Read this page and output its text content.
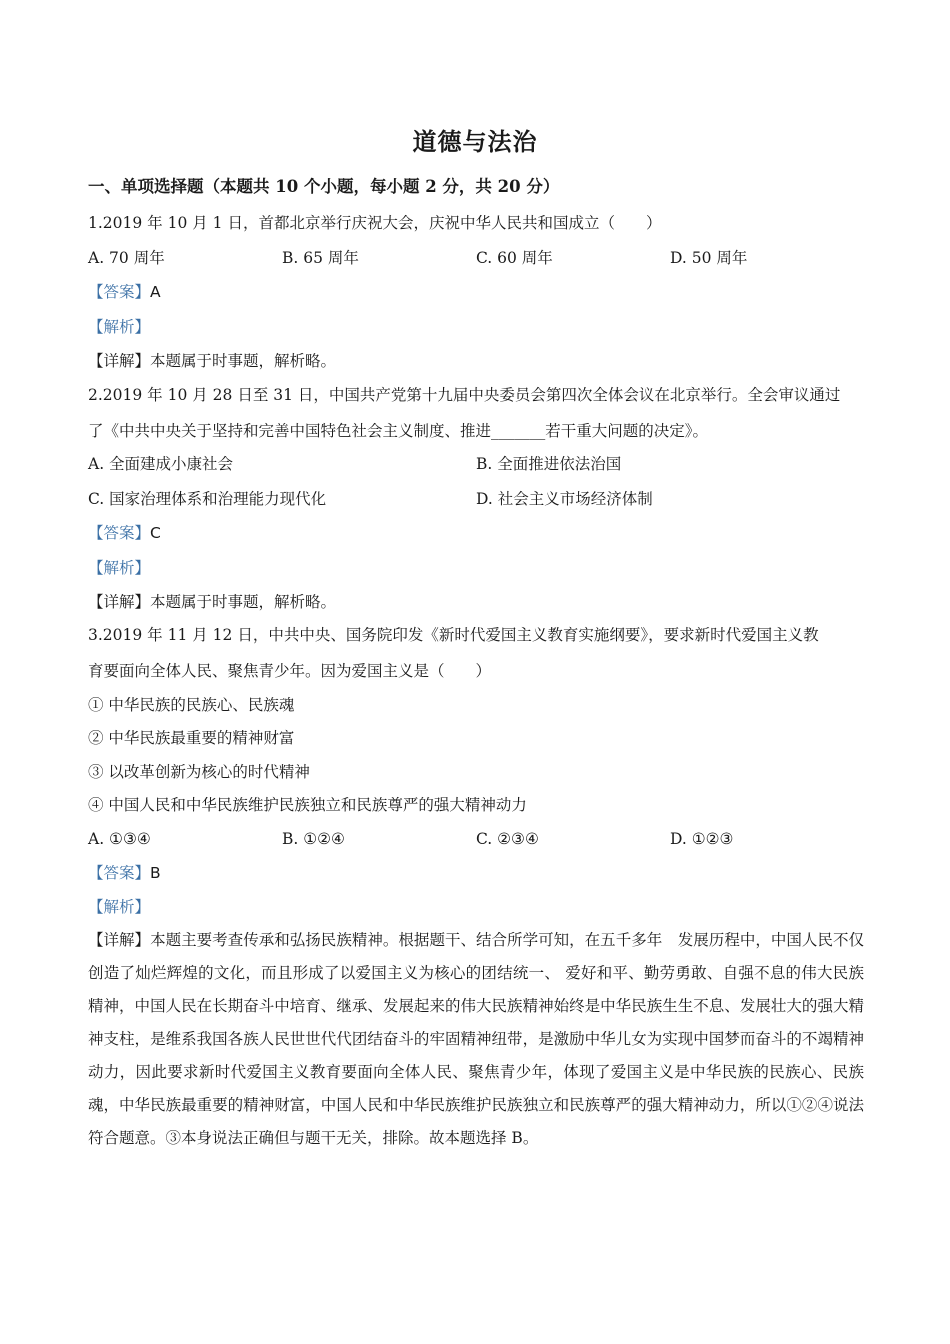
道德与法治
一、单项选择题（本题共 10 个小题，每小题 2 分，共 20 分）
1.2019 年 10 月 1 日，首都北京举行庆祝大会，庆祝中华人民共和国成立（　　）
A. 70 周年	B. 65 周年	C. 60 周年	D. 50 周年
【答案】A
【解析】
【详解】本题属于时事题，解析略。
2.2019 年 10 月 28 日至 31 日，中国共产党第十九届中央委员会第四次全体会议在北京举行。全会审议通过
了《中共中央关于坚持和完善中国特色社会主义制度、推进_______若干重大问题的决定》。
A. 全面建成小康社会	B. 全面推进依法治国
C. 国家治理体系和治理能力现代化	D. 社会主义市场经济体制
【答案】C
【解析】
【详解】本题属于时事题，解析略。
3.2019 年 11 月 12 日，中共中央、国务院印发《新时代爱国主义教育实施纲要》，要求新时代爱国主义教
育要面向全体人民、聚焦青少年。因为爱国主义是（　　）
① 中华民族的民族心、民族魂
② 中华民族最重要的精神财富
③ 以改革创新为核心的时代精神
④ 中国人民和中华民族维护民族独立和民族尊严的强大精神动力
A. ①③④	B. ①②④	C. ②③④	D. ①②③
【答案】B
【解析】
【详解】本题主要考查传承和弘扬民族精神。根据题干、结合所学可知，在五千多年　发展历程中，中国人民不仅创造了灿烂辉煌的文化，而且形成了以爱国主义为核心的团结统一、 爱好和平、勤劳勇敢、自强不息的伟大民族精神，中国人民在长期奋斗中培育、继承、发展起来的伟大民族精神始终是中华民族生生不息、发展壮大的强大精神支柱，是维系我国各族人民世世代代团结奋斗的牢固精神纽带，是激励中华儿女为实现中国梦而奋斗的不竭精神动力，因此要求新时代爱国主义教育要面向全体人民、聚焦青少年，体现了爱国主义是中华民族的民族心、民族魂，中华民族最重要的精神财富，中国人民和中华民族维护民族独立和民族尊严的强大精神动力，所以①②④说法符合题意。③本身说法正确但与题干无关，排除。故本题选择 B。
